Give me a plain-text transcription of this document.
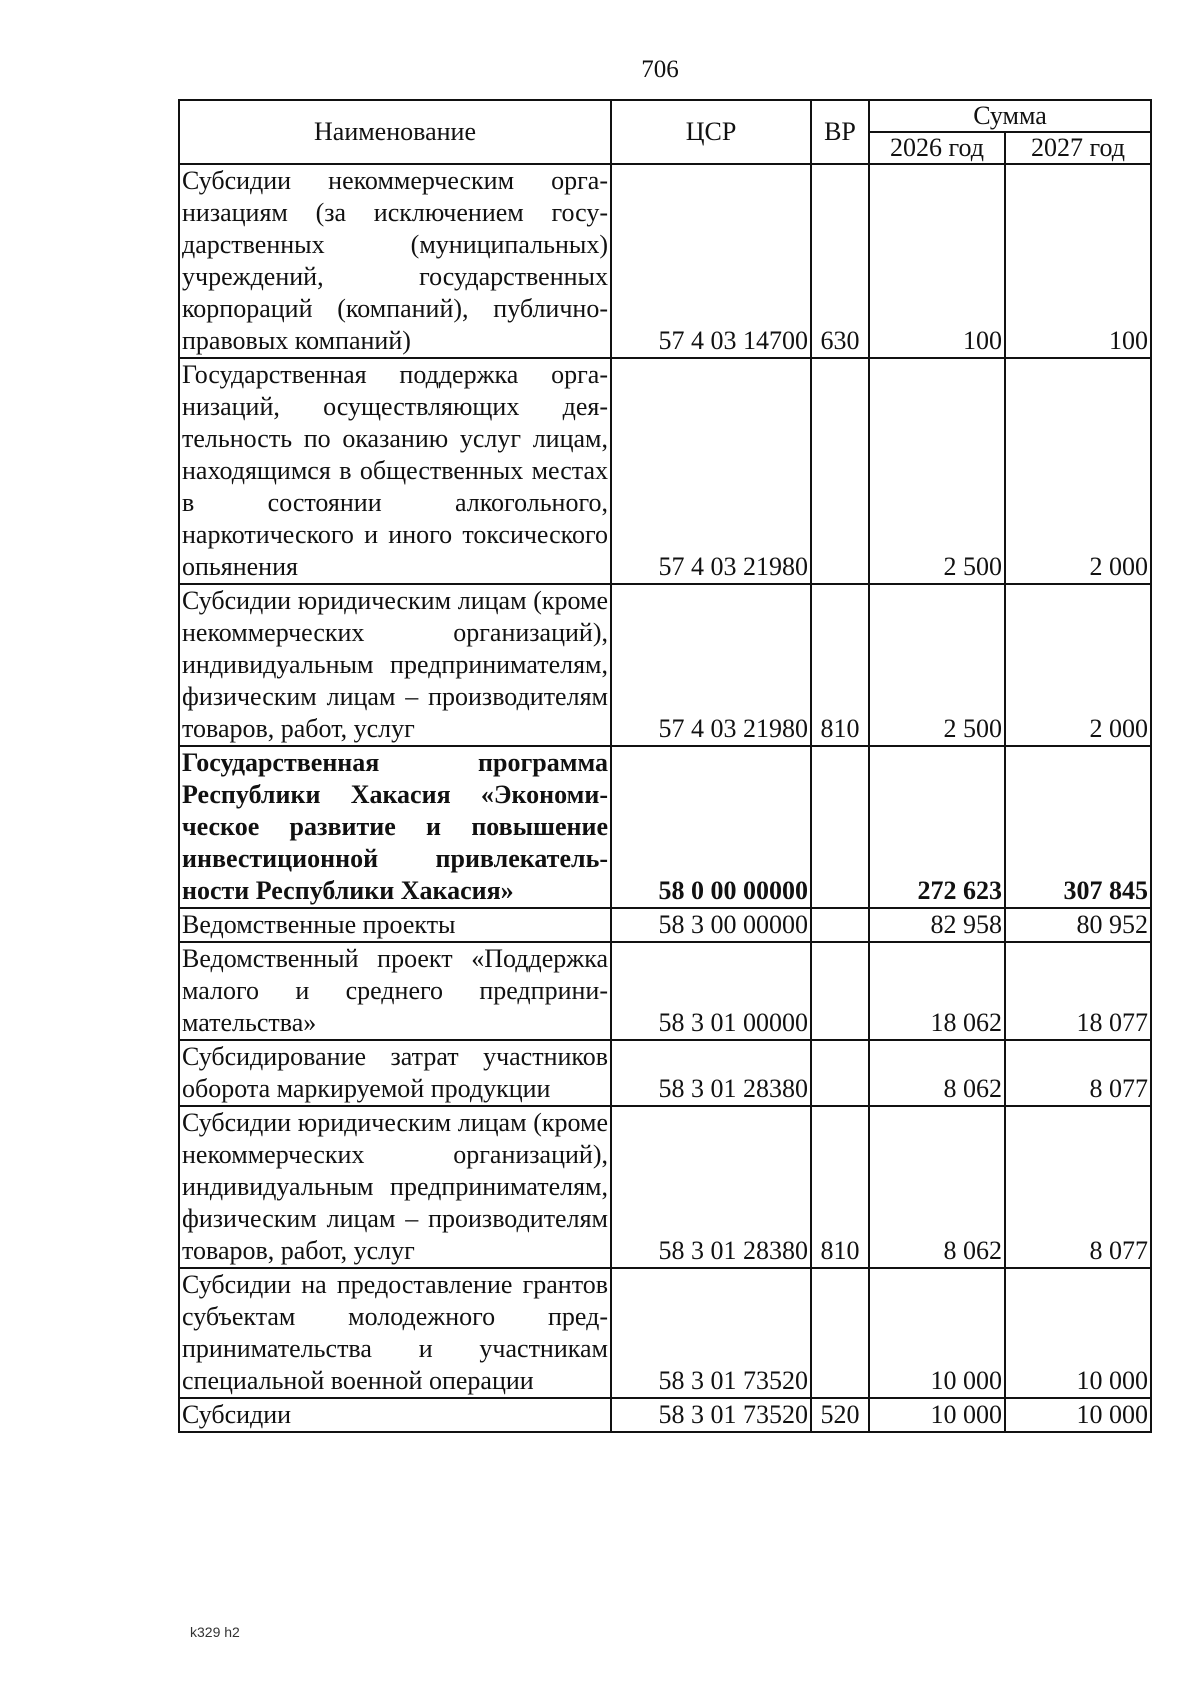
706
Наименование	ЦСР	ВР	Сумма	
			2026 год	2027 год
Субсидии некоммерческим организациям (за исключением государственных (муниципальных) учреждений, государственных корпораций (компаний), публично-правовых компаний)	57 4 03 14700	630	100	100
Государственная поддержка организаций, осуществляющих деятельность по оказанию услуг лицам, находящимся в общественных местах в состоянии алкогольного, наркотического и иного токсического опьянения	57 4 03 21980		2 500	2 000
Субсидии юридическим лицам (кроме некоммерческих организаций), индивидуальным предпринимателям, физическим лицам – производителям товаров, работ, услуг	57 4 03 21980	810	2 500	2 000
Государственная программа Республики Хакасия «Экономическое развитие и повышение инвестиционной привлекательности Республики Хакасия»	58 0 00 00000		272 623	307 845
Ведомственные проекты	58 3 00 00000		82 958	80 952
Ведомственный проект «Поддержка малого и среднего предпринимательства»	58 3 01 00000		18 062	18 077
Субсидирование затрат участников оборота маркируемой продукции	58 3 01 28380		8 062	8 077
Субсидии юридическим лицам (кроме некоммерческих организаций), индивидуальным предпринимателям, физическим лицам – производителям товаров, работ, услуг	58 3 01 28380	810	8 062	8 077
Субсидии на предоставление грантов субъектам молодежного предпринимательства и участникам специальной военной операции	58 3 01 73520		10 000	10 000
Субсидии	58 3 01 73520	520	10 000	10 000
k329 h2
